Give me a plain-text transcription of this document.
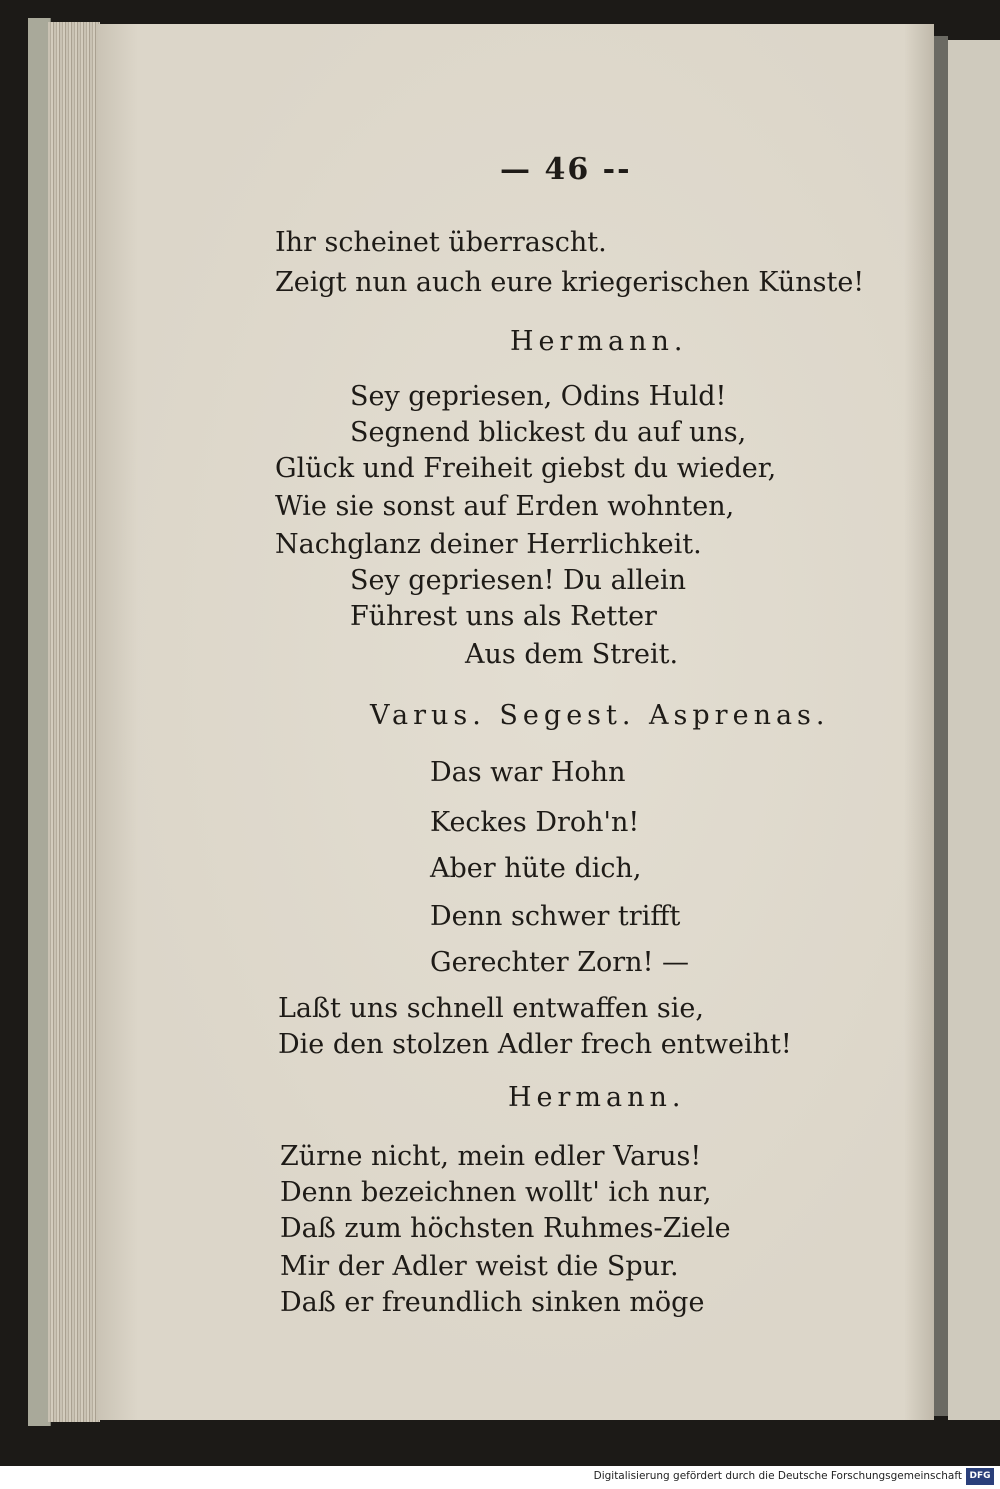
— 46 --
Ihr scheinet überrascht.
Zeigt nun auch eure kriegerischen Künste!
Hermann.
Sey gepriesen, Odins Huld!
Segnend blickest du auf uns,
Glück und Freiheit giebst du wieder,
Wie sie sonst auf Erden wohnten,
Nachglanz deiner Herrlichkeit.
Sey gepriesen! Du allein
Führest uns als Retter
Aus dem Streit.
Varus. Segest. Asprenas.
Das war Hohn
Keckes Droh'n!
Aber hüte dich,
Denn schwer trifft
Gerechter Zorn! —
Laßt uns schnell entwaffen sie,
Die den stolzen Adler frech entweiht!
Hermann.
Zürne nicht, mein edler Varus!
Denn bezeichnen wollt' ich nur,
Daß zum höchsten Ruhmes-Ziele
Mir der Adler weist die Spur.
Daß er freundlich sinken möge
Digitalisierung gefördert durch die Deutsche Forschungsgemeinschaft DFG
